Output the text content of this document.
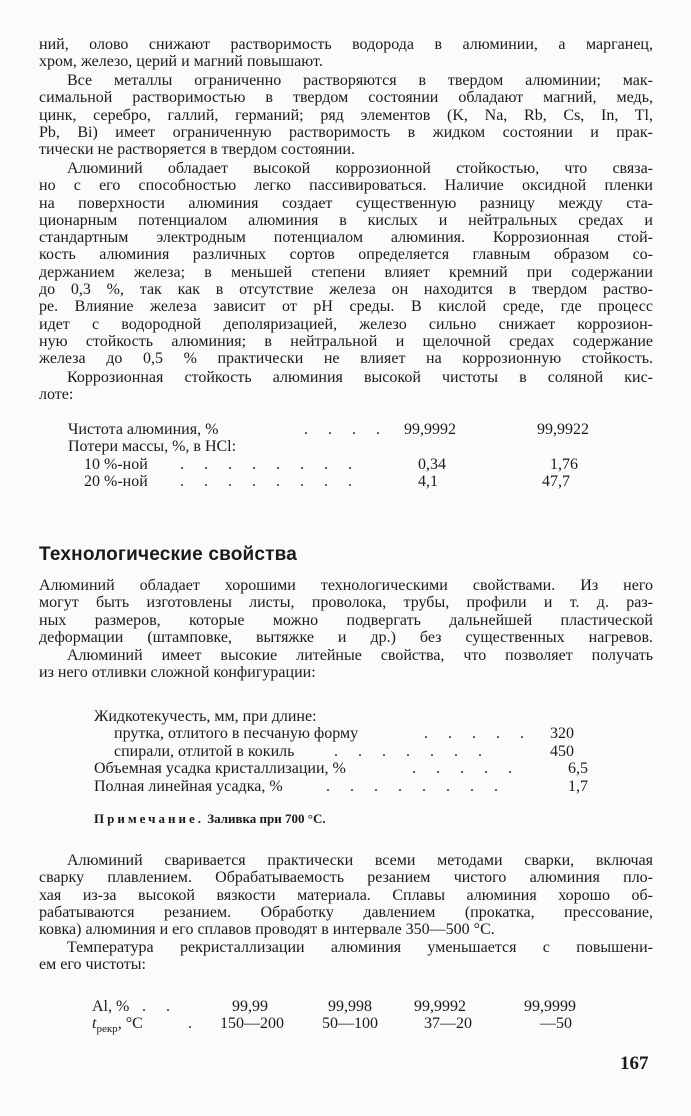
ний, олово снижают растворимость водорода в алюминии, а марганец,
хром, железо, церий и магний повышают.
Все металлы ограниченно растворяются в твердом алюминии; мак-
симальной растворимостью в твердом состоянии обладают магний, медь,
цинк, серебро, галлий, германий; ряд элементов (K, Na, Rb, Cs, In, Tl,
Pb, Bi) имеет ограниченную растворимость в жидком состоянии и прак-
тически не растворяется в твердом состоянии.
Алюминий обладает высокой коррозионной стойкостью, что связа-
но с его способностью легко пассивироваться. Наличие оксидной пленки
на поверхности алюминия создает существенную разницу между ста-
ционарным потенциалом алюминия в кислых и нейтральных средах и
стандартным электродным потенциалом алюминия. Коррозионная стой-
кость алюминия различных сортов определяется главным образом со-
держанием железа; в меньшей степени влияет кремний при содержании
до 0,3 %, так как в отсутствие железа он находится в твердом раство-
ре. Влияние железа зависит от pH среды. В кислой среде, где процесс
идет с водородной деполяризацией, железо сильно снижает коррозион-
ную стойкость алюминия; в нейтральной и щелочной средах содержание
железа до 0,5 % практически не влияет на коррозионную стойкость.
Коррозионная стойкость алюминия высокой чистоты в соляной кис-
лоте:
Чистота алюминия, %	. . . . 99,9992	99,9922
Потери массы, %, в HCl:
10 %-ной . . . . . . . .	0,34	1,76
20 %-ной . . . . . . . .	4,1	47,7
Технологические свойства
Алюминий обладает хорошими технологическими свойствами. Из него
могут быть изготовлены листы, проволока, трубы, профили и т. д. раз-
ных размеров, которые можно подвергать дальнейшей пластической
деформации (штамповке, вытяжке и др.) без существенных нагревов.
Алюминий имеет высокие литейные свойства, что позволяет получать
из него отливки сложной конфигурации:
Жидкотекучесть, мм, при длине:
прутка, отлитого в песчаную форму	. . . . . 320
спирали, отлитой в кокиль . . . . . . .	450
Объемная усадка кристаллизации, %	. . . . .	6,5
Полная линейная усадка, %	. . . . . . . .	1,7
Примечание. Заливка при 700 °C.
Алюминий сваривается практически всеми методами сварки, включая
сварку плавлением. Обрабатываемость резанием чистого алюминия пло-
хая из-за высокой вязкости материала. Сплавы алюминия хорошо об-
рабатываются резанием. Обработку давлением (прокатка, прессование,
ковка) алюминия и его сплавов проводят в интервале 350—500 °C.
Температура рекристаллизации алюминия уменьшается с повышени-
ем его чистоты:
Al, % . .	99,99	99,998	99,9992	99,9999
$t_{рекр}$, °C	. 150—200 50—100	37—20	—50
167
